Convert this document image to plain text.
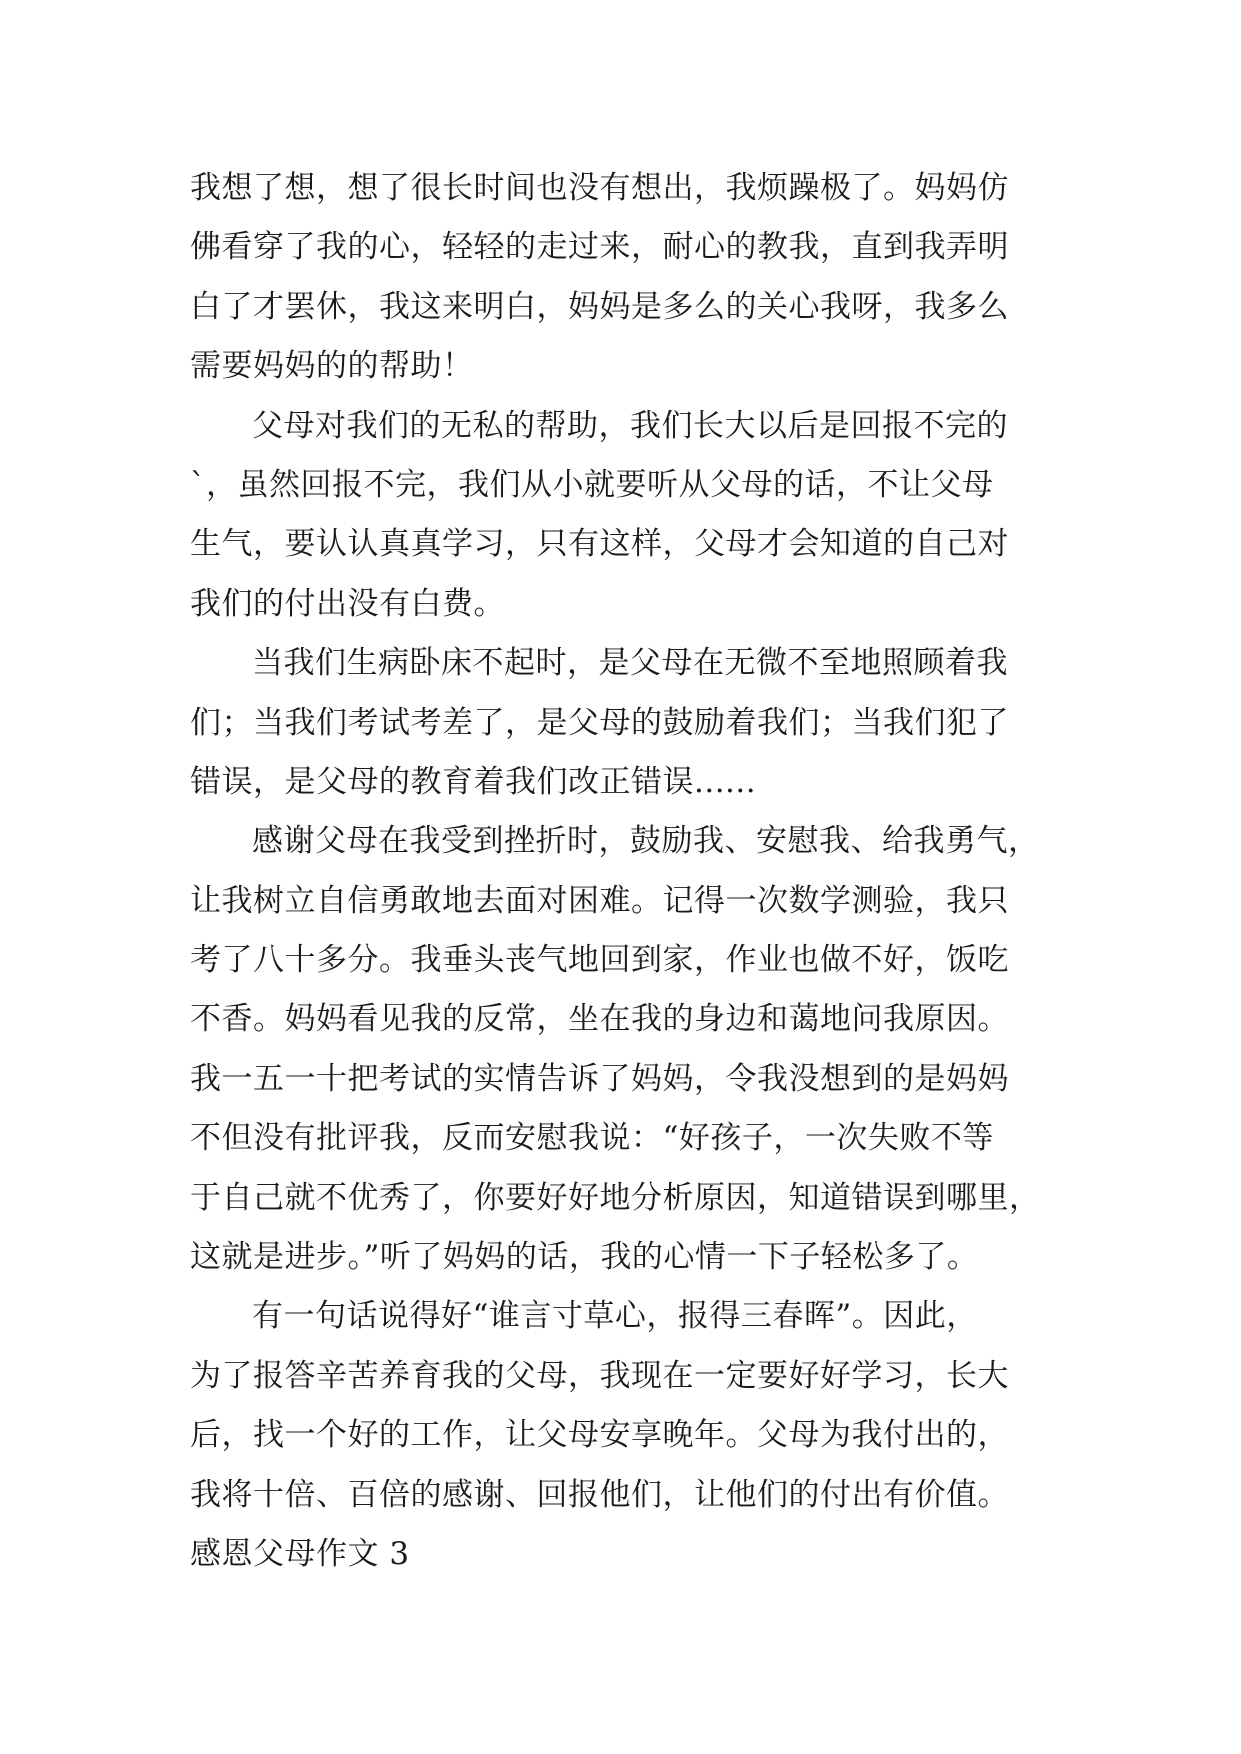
我想了想，想了很长时间也没有想出，我烦躁极了。妈妈仿
佛看穿了我的心，轻轻的走过来，耐心的教我，直到我弄明
白了才罢休，我这来明白，妈妈是多么的关心我呀，我多么
需要妈妈的的帮助！
父母对我们的无私的帮助，我们长大以后是回报不完的
`，虽然回报不完，我们从小就要听从父母的话，不让父母
生气，要认认真真学习，只有这样，父母才会知道的自己对
我们的付出没有白费。
当我们生病卧床不起时，是父母在无微不至地照顾着我
们；当我们考试考差了，是父母的鼓励着我们；当我们犯了
错误，是父母的教育着我们改正错误......
感谢父母在我受到挫折时，鼓励我、安慰我、给我勇气，
让我树立自信勇敢地去面对困难。记得一次数学测验，我只
考了八十多分。我垂头丧气地回到家，作业也做不好，饭吃
不香。妈妈看见我的反常，坐在我的身边和蔼地问我原因。
我一五一十把考试的实情告诉了妈妈，令我没想到的是妈妈
不但没有批评我，反而安慰我说：“好孩子，一次失败不等
于自己就不优秀了，你要好好地分析原因，知道错误到哪里，
这就是进步。”听了妈妈的话，我的心情一下子轻松多了。
有一句话说得好“谁言寸草心，报得三春晖”。因此，
为了报答辛苦养育我的父母，我现在一定要好好学习，长大
后，找一个好的工作，让父母安享晚年。父母为我付出的，
我将十倍、百倍的感谢、回报他们，让他们的付出有价值。
感恩父母作文 3
